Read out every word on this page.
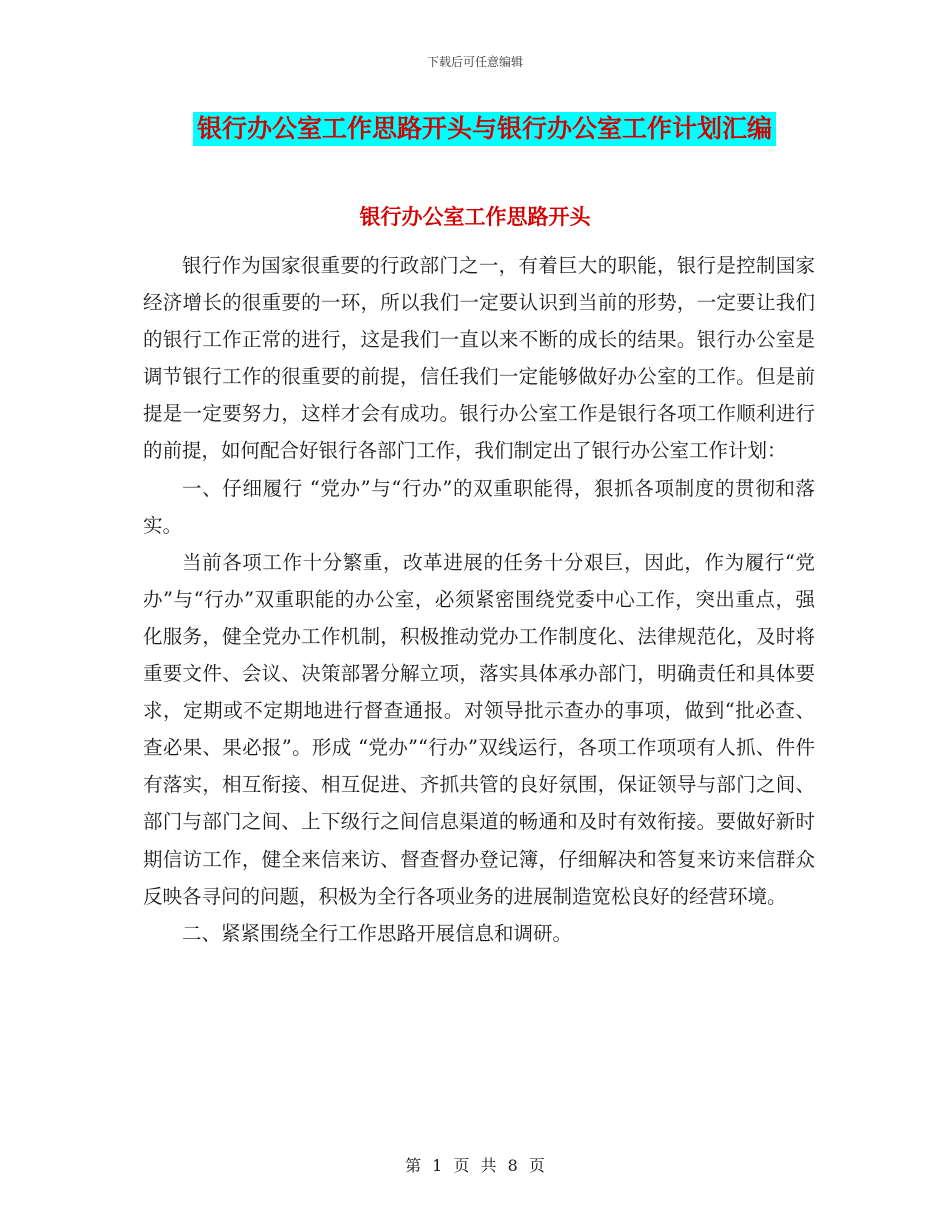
下载后可任意编辑
银行办公室工作思路开头与银行办公室工作计划汇编
银行办公室工作思路开头

银行作为国家很重要的行政部门之一，有着巨大的职能，银行是控制国家经济增长的很重要的一环，所以我们一定要认识到当前的形势，一定要让我们的银行工作正常的进行，这是我们一直以来不断的成长的结果。银行办公室是调节银行工作的很重要的前提，信任我们一定能够做好办公室的工作。但是前提是一定要努力，这样才会有成功。银行办公室工作是银行各项工作顺利进行的前提，如何配合好银行各部门工作，我们制定出了银行办公室工作计划：

一、仔细履行 “党办”与“行办”的双重职能得，狠抓各项制度的贯彻和落实。

当前各项工作十分繁重，改革进展的任务十分艰巨，因此，作为履行“党办”与“行办”双重职能的办公室，必须紧密围绕党委中心工作，突出重点，强化服务，健全党办工作机制，积极推动党办工作制度化、法律规范化，及时将重要文件、会议、决策部署分解立项，落实具体承办部门，明确责任和具体要求，定期或不定期地进行督查通报。对领导批示查办的事项，做到“批必查、查必果、果必报”。形成 “党办”“行办”双线运行，各项工作项项有人抓、件件有落实，相互衔接、相互促进、齐抓共管的良好氛围，保证领导与部门之间、部门与部门之间、上下级行之间信息渠道的畅通和及时有效衔接。要做好新时期信访工作，健全来信来访、督查督办登记簿，仔细解决和答复来访来信群众反映各寻问的问题，积极为全行各项业务的进展制造宽松良好的经营环境。

二、紧紧围绕全行工作思路开展信息和调研。

第 1 页 共 8 页
